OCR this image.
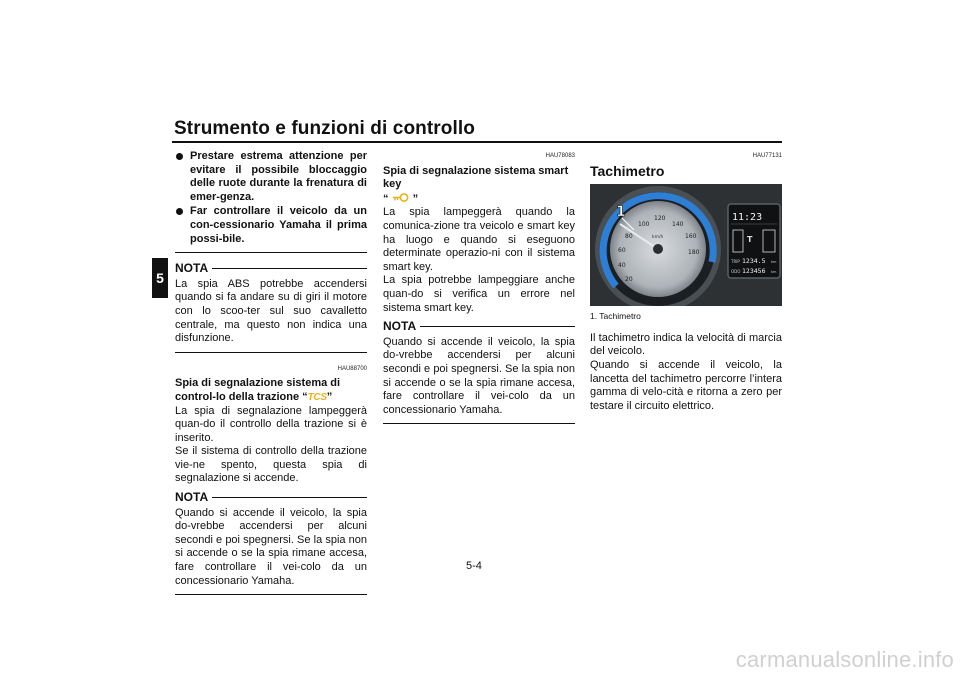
Strumento e funzioni di controllo
5
Prestare estrema attenzione per evitare il possibile bloccaggio delle ruote durante la frenatura di emer-genza.
Far controllare il veicolo da un con-cessionario Yamaha il prima possi-bile.
NOTA

La spia ABS potrebbe accendersi quando si fa andare su di giri il motore con lo scoo-ter sul suo cavalletto centrale, ma questo non indica una disfunzione.

HAU88700

Spia di segnalazione sistema di control-lo della trazione “TCS”

La spia di segnalazione lampeggerà quan-do il controllo della trazione si è inserito.

Se il sistema di controllo della trazione vie-ne spento, questa spia di segnalazione si accende.

NOTA

Quando si accende il veicolo, la spia do-vrebbe accendersi per alcuni secondi e poi spegnersi. Se la spia non si accende o se la spia rimane accesa, fare controllare il vei-colo da un concessionario Yamaha.

HAU78083

Spia di segnalazione sistema smart key
“ ”

La spia lampeggerà quando la comunica-zione tra veicolo e smart key ha luogo e quando si eseguono determinate operazio-ni con il sistema smart key.

La spia potrebbe lampeggiare anche quan-do si verifica un errore nel sistema smart key.

NOTA

Quando si accende il veicolo, la spia do-vrebbe accendersi per alcuni secondi e poi spegnersi. Se la spia non si accende o se la spia rimane accesa, fare controllare il vei-colo da un concessionario Yamaha.

HAU77131

Tachimetro

20
40
60
80
100
120
140
160
180
km/h
1	11:23
T
TRIP 1234.5 km
ODO 123456 km
1. Tachimetro

Il tachimetro indica la velocità di marcia del veicolo.

Quando si accende il veicolo, la lancetta del tachimetro percorre l’intera gamma di velo-cità e ritorna a zero per testare il circuito elettrico.

5-4
carmanualsonline.info
